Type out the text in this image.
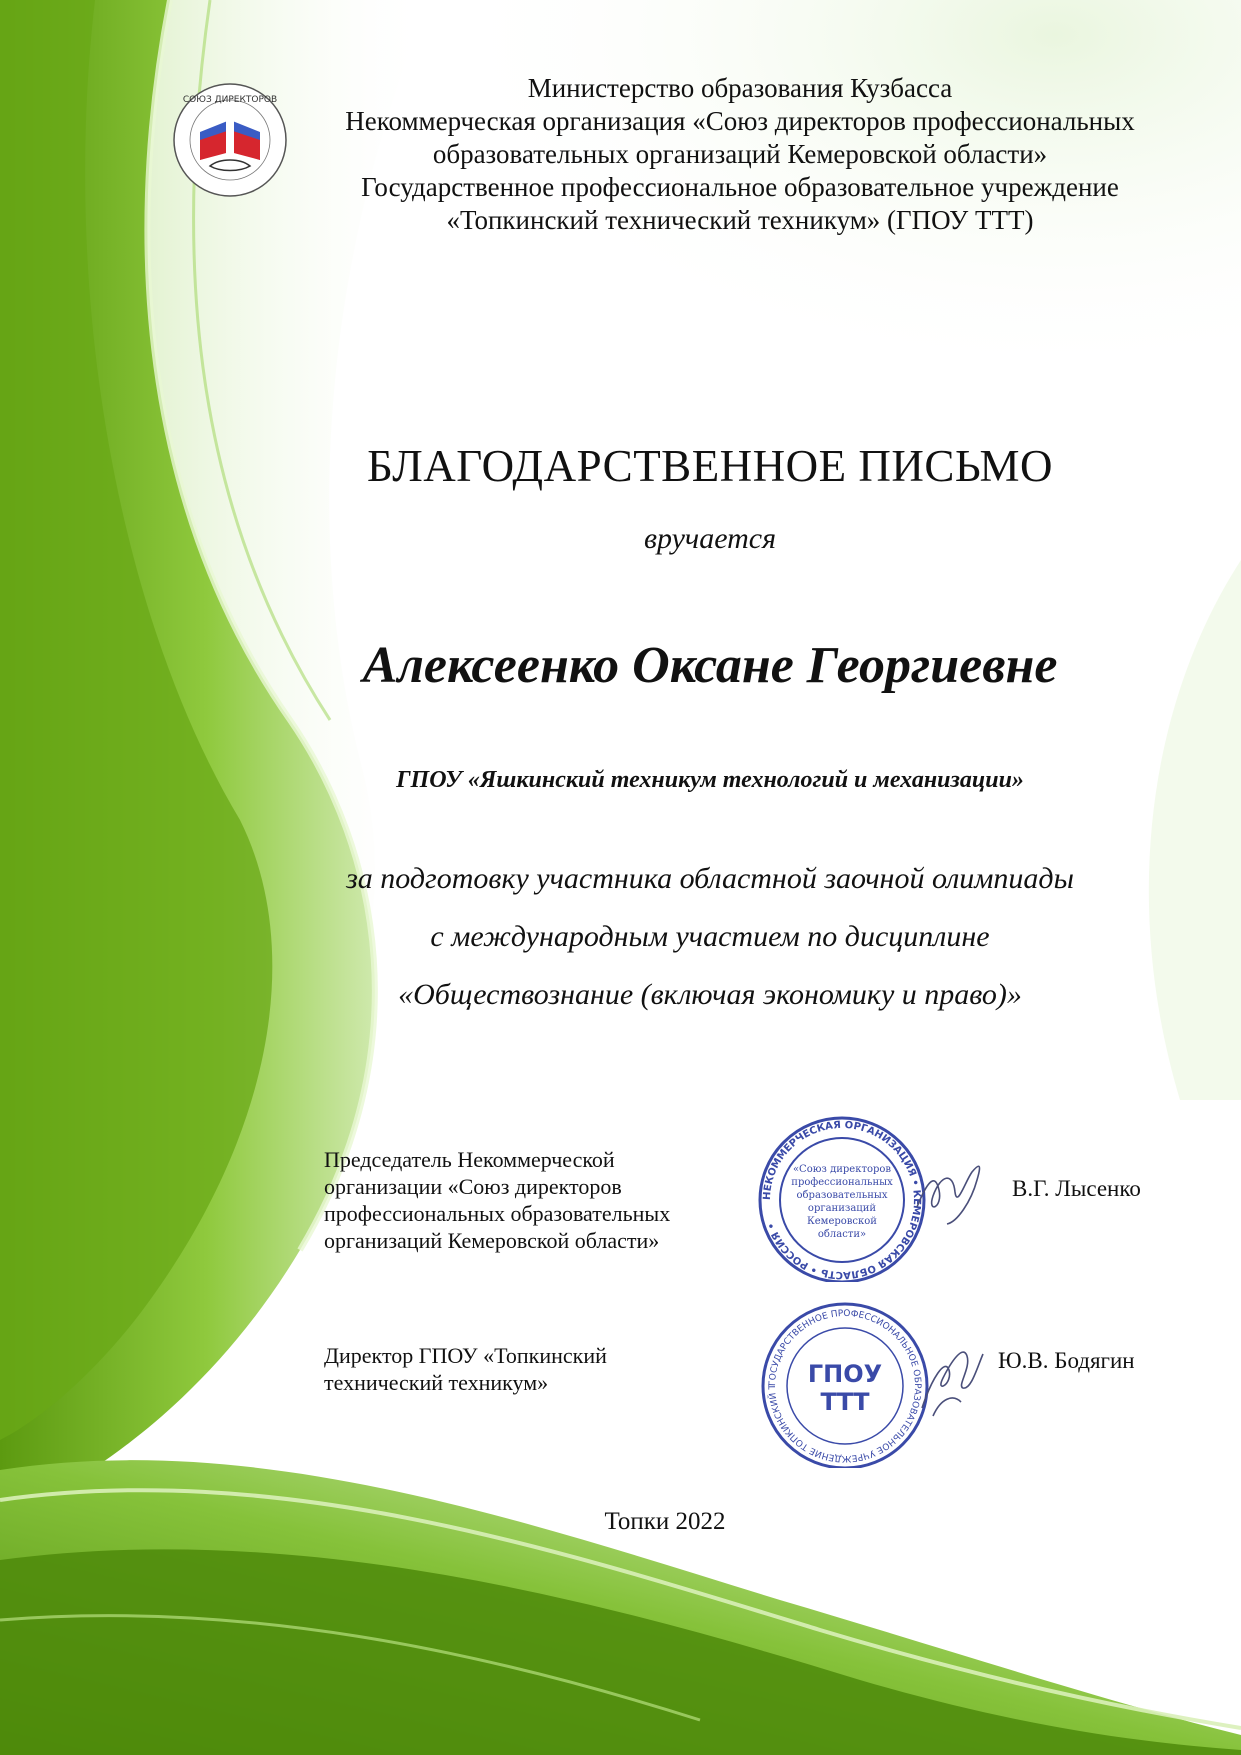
СОЮЗ ДИРЕКТОРОВ	Министерство образования Кузбасса
Некоммерческая организация «Союз директоров профессиональных
образовательных организаций Кемеровской области»
Государственное профессиональное образовательное учреждение
«Топкинский технический техникум» (ГПОУ ТТТ)
БЛАГОДАРСТВЕННОЕ ПИСЬМО
вручается
Алексеенко Оксане Георгиевне
ГПОУ «Яшкинский техникум технологий и механизации»
за подготовку участника областной заочной олимпиады
с международным участием по дисциплине
«Обществознание (включая экономику и право)»
Председатель Некоммерческой
организации «Союз директоров
профессиональных образовательных
организаций Кемеровской области»
НЕКОММЕРЧЕСКАЯ ОРГАНИЗАЦИЯ • КЕМЕРОВСКАЯ ОБЛАСТЬ • РОССИЯ •
«Союз директоров
профессиональных
образовательных
организаций
Кемеровской
области»
В.Г. Лысенко
Директор ГПОУ «Топкинский
технический техникум»	ГОСУДАРСТВЕННОЕ ПРОФЕССИОНАЛЬНОЕ ОБРАЗОВАТЕЛЬНОЕ УЧРЕЖДЕНИЕ ТОПКИНСКИЙ Т	ГПОУ
ТТТ
Ю.В. Бодягин
Топки 2022
